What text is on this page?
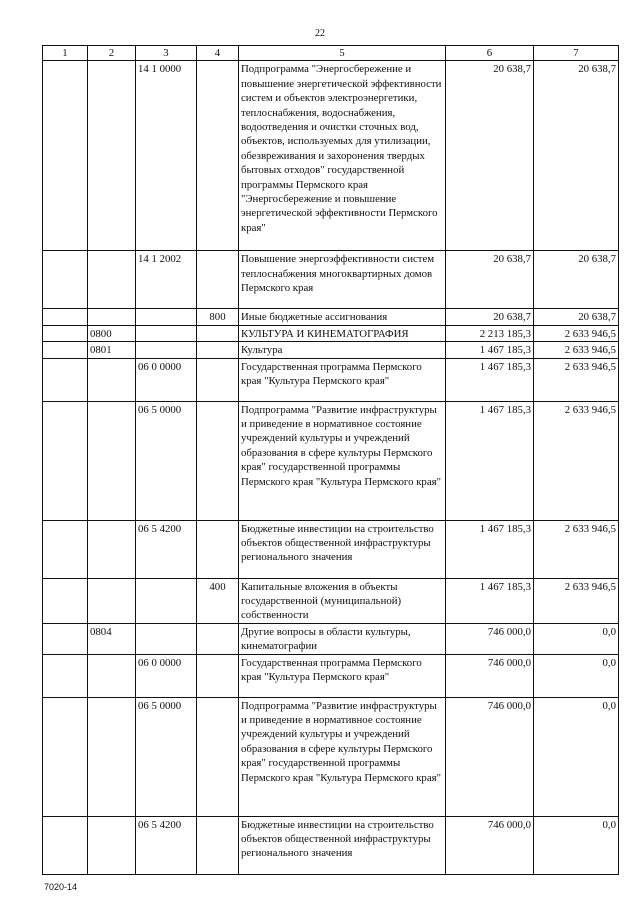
22
1	2	3	4	5	6	7
		14 1 0000		Подпрограмма "Энергосбережение и повышение энергетической эффективности систем и объектов электроэнергетики, теплоснабжения, водоснабжения, водоотведения и очистки сточных вод, объектов, используемых для утилизации, обезвреживания и захоронения твердых бытовых отходов" государственной программы Пермского края "Энергосбережение и повышение энергетической эффективности Пермского края"	20 638,7	20 638,7
		14 1 2002		Повышение энергоэффективности систем теплоснабжения многоквартирных домов Пермского края	20 638,7	20 638,7
			800	Иные бюджетные ассигнования	20 638,7	20 638,7
	0800			КУЛЬТУРА И КИНЕМАТОГРАФИЯ	2 213 185,3	2 633 946,5
	0801			Культура	1 467 185,3	2 633 946,5
		06 0 0000		Государственная программа Пермского края "Культура Пермского края"	1 467 185,3	2 633 946,5
		06 5 0000		Подпрограмма "Развитие инфраструктуры и приведение в нормативное состояние учреждений культуры и учреждений образования в сфере культуры Пермского края" государственной программы Пермского края "Культура Пермского края"	1 467 185,3	2 633 946,5
		06 5 4200		Бюджетные инвестиции на строительство объектов общественной инфраструктуры регионального значения	1 467 185,3	2 633 946,5
			400	Капитальные вложения в объекты государственной (муниципальной) собственности	1 467 185,3	2 633 946,5
	0804			Другие вопросы в области культуры, кинематографии	746 000,0	0,0
		06 0 0000		Государственная программа Пермского края "Культура Пермского края"	746 000,0	0,0
		06 5 0000		Подпрограмма "Развитие инфраструктуры и приведение в нормативное состояние учреждений культуры и учреждений образования в сфере культуры Пермского края" государственной программы Пермского края "Культура Пермского края"	746 000,0	0,0
		06 5 4200		Бюджетные инвестиции на строительство объектов общественной инфраструктуры регионального значения	746 000,0	0,0
7020-14
